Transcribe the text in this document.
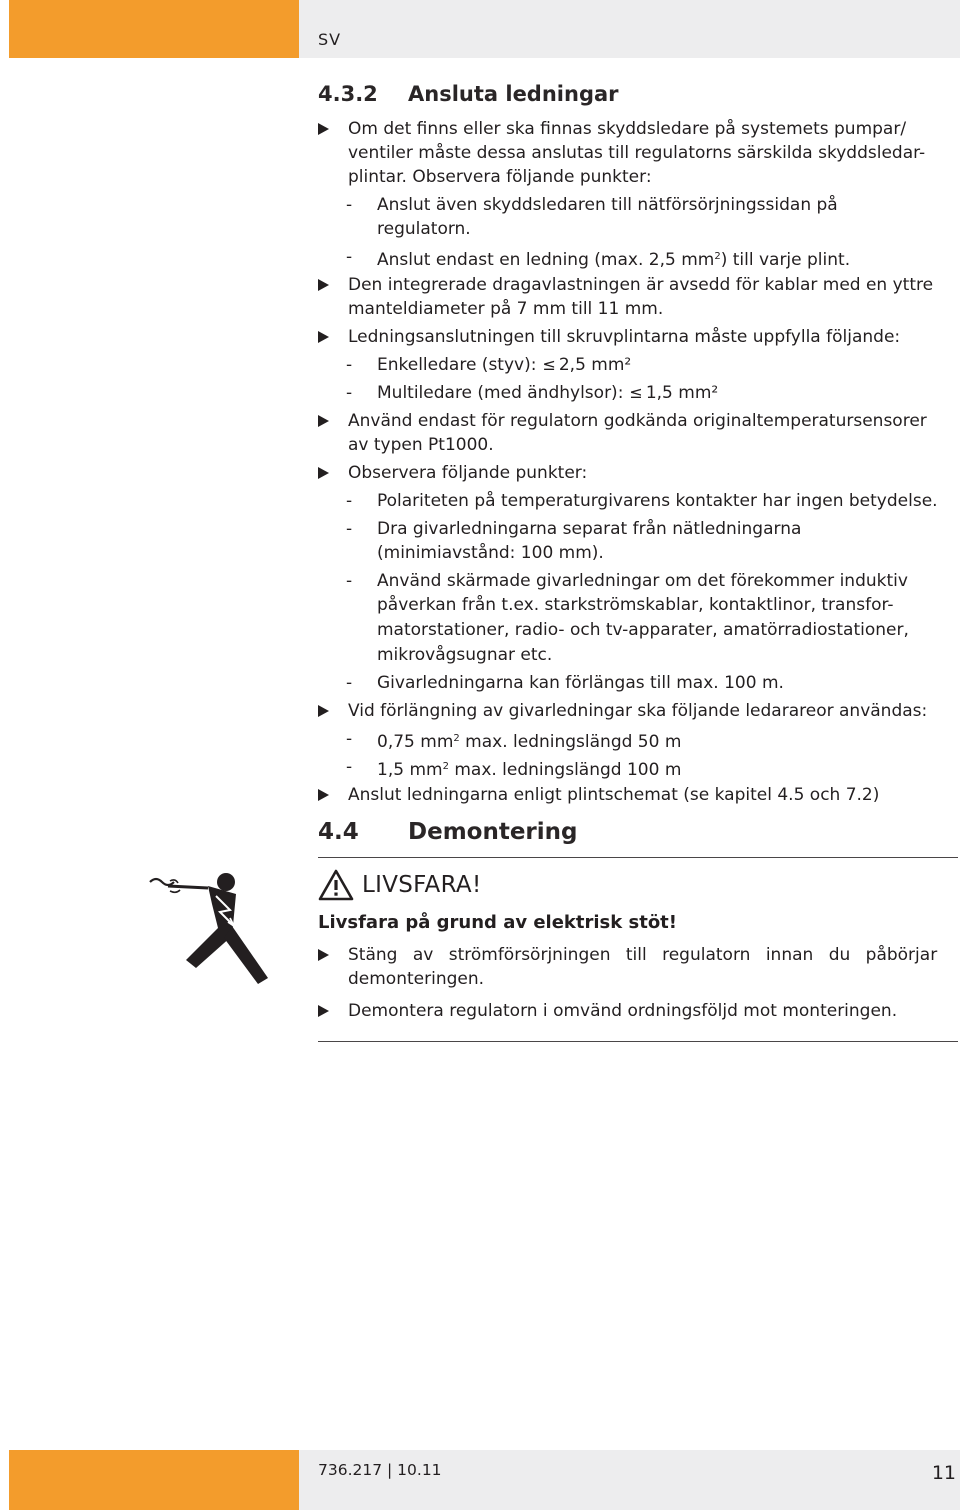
SV
4.3.2 Ansluta ledningar
Om det finns eller ska finnas skyddsledare på systemets pumpar/
ventiler måste dessa anslutas till regulatorns särskilda skyddsledar-
plintar. Observera följande punkter:
- Anslut även skyddsledaren till nätförsörjningssidan på
regulatorn.
- Anslut endast en ledning (max. 2,5 $mm^2$) till varje plint.
Den integrerade dragavlastningen är avsedd för kablar med en yttre
manteldiameter på 7 mm till 11 mm.
Ledningsanslutningen till skruvplintarna måste uppfylla följande:
- Enkelledare (styv): ≤ 2,5 mm²
- Multiledare (med ändhylsor): ≤ 1,5 mm²
Använd endast för regulatorn godkända originaltemperatursensorer
av typen Pt1000.
Observera följande punkter:
- Polariteten på temperaturgivarens kontakter har ingen betydelse.
- Dra givarledningarna separat från nätledningarna
(minimiavstånd: 100 mm).
- Använd skärmade givarledningar om det förekommer induktiv
påverkan från t.ex. starkströmskablar, kontaktlinor, transfor-
matorstationer, radio- och tv-apparater, amatörradiostationer,
mikrovågsugnar etc.
- Givarledningarna kan förlängas till max. 100 m.
Vid förlängning av givarledningar ska följande ledarareor användas:
- 0,75 $mm^2$ max. ledningslängd 50 m
- 1,5 $mm^2$ max. ledningslängd 100 m
Anslut ledningarna enligt plintschemat (se kapitel 4.5 och 7.2)
4.4 Demontering
LIVSFARA!
Livsfara på grund av elektrisk stöt!
Stäng av strömförsörjningen till regulatorn innan du påbörjar
demonteringen.
Demontera regulatorn i omvänd ordningsföljd mot monteringen.
736.217 | 10.11	11
